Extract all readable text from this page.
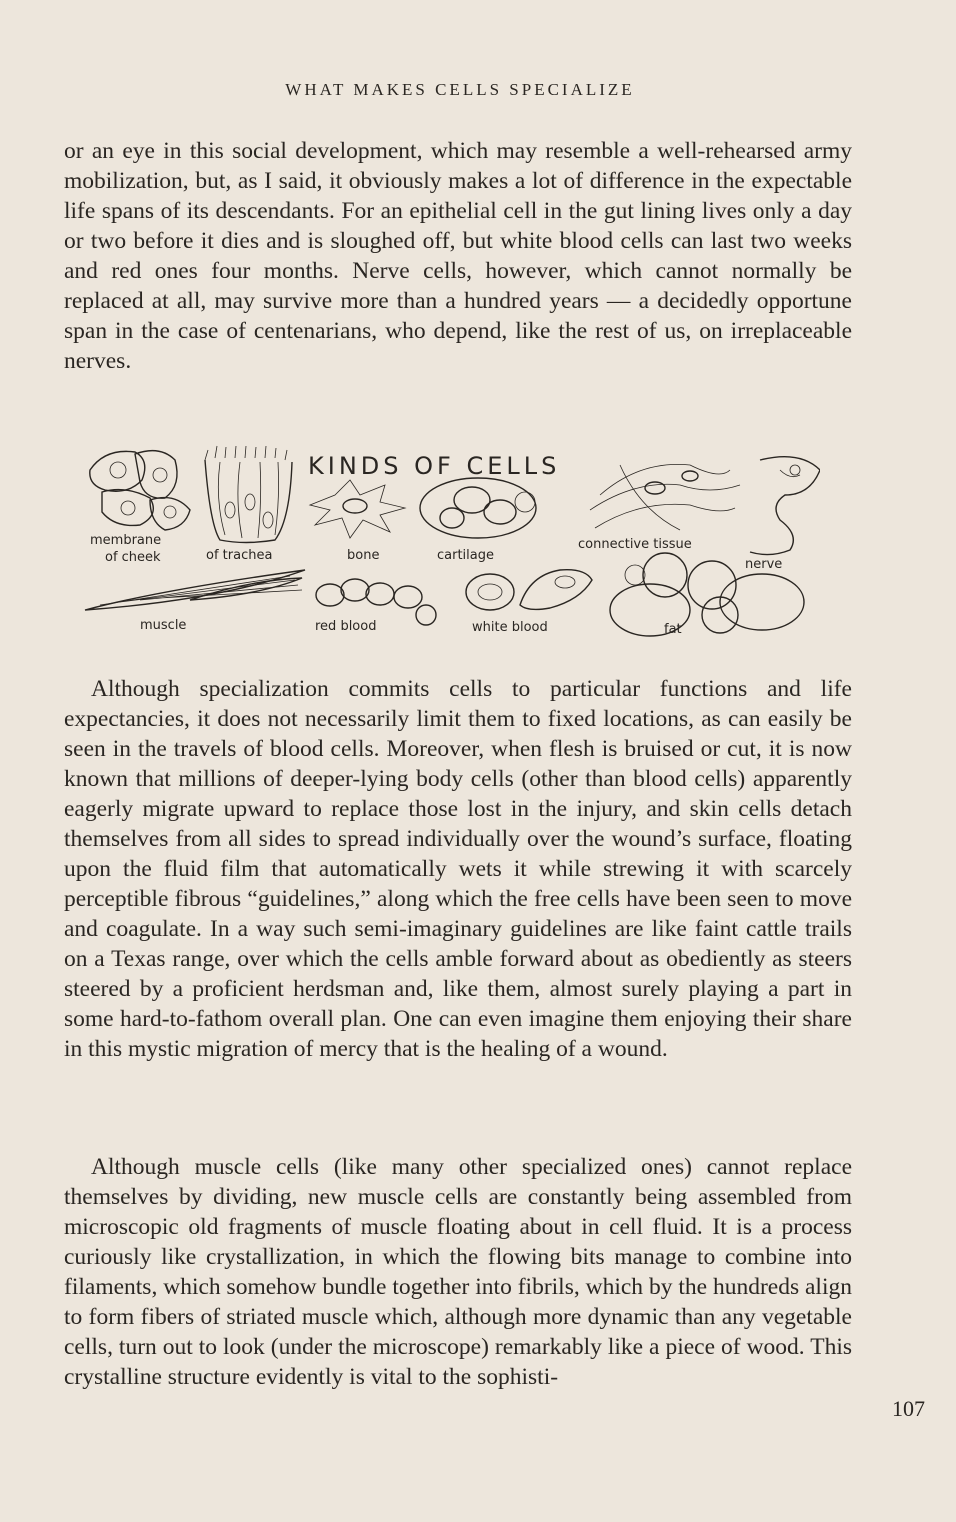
WHAT MAKES CELLS SPECIALIZE

or an eye in this social development, which may resemble a well-rehearsed army mobilization, but, as I said, it obviously makes a lot of difference in the expectable life spans of its descendants. For an epithelial cell in the gut lining lives only a day or two before it dies and is sloughed off, but white blood cells can last two weeks and red ones four months. Nerve cells, however, which cannot normally be replaced at all, may survive more than a hundred years — a decidedly opportune span in the case of centenarians, who depend, like the rest of us, on irreplaceable nerves.

KINDS OF CELLS
membrane
of cheek	of trachea	bone	cartilage
connective tissue
nerve
muscle	red blood	white blood	fat

Although specialization commits cells to particular functions and life expectancies, it does not necessarily limit them to fixed locations, as can easily be seen in the travels of blood cells. Moreover, when flesh is bruised or cut, it is now known that millions of deeper-lying body cells (other than blood cells) apparently eagerly migrate upward to replace those lost in the injury, and skin cells detach themselves from all sides to spread individually over the wound’s surface, floating upon the fluid film that automatically wets it while strewing it with scarcely perceptible fibrous “guidelines,” along which the free cells have been seen to move and coagulate. In a way such semi-imaginary guidelines are like faint cattle trails on a Texas range, over which the cells amble forward about as obediently as steers steered by a proficient herdsman and, like them, almost surely playing a part in some hard-to-fathom overall plan. One can even imagine them enjoying their share in this mystic migration of mercy that is the healing of a wound.

Although muscle cells (like many other specialized ones) cannot replace themselves by dividing, new muscle cells are constantly being assembled from microscopic old fragments of muscle floating about in cell fluid. It is a process curiously like crystallization, in which the flowing bits manage to combine into filaments, which somehow bundle together into fibrils, which by the hundreds align to form fibers of striated muscle which, although more dynamic than any vegetable cells, turn out to look (under the microscope) remarkably like a piece of wood. This crystalline structure evidently is vital to the sophisti-

107
